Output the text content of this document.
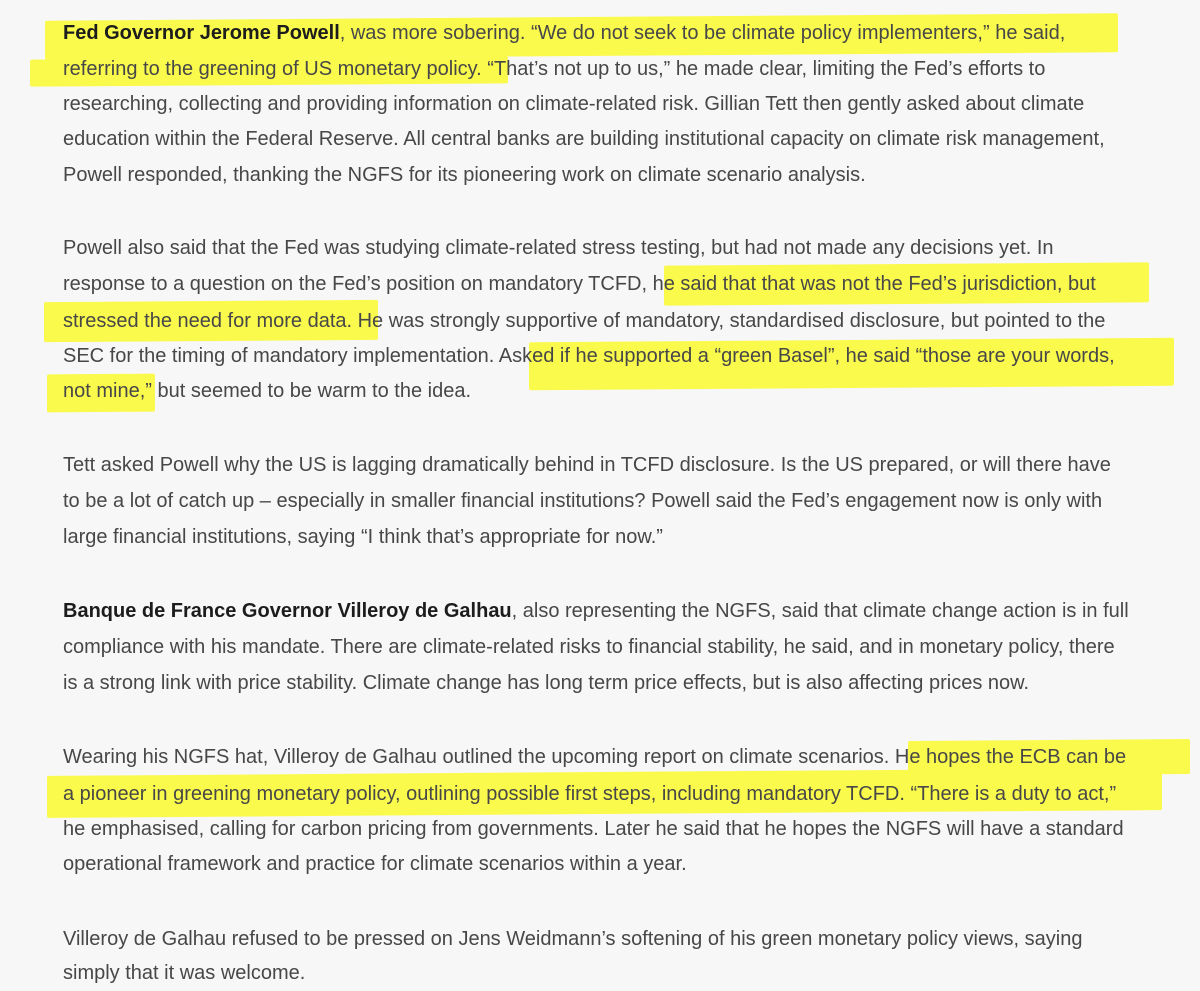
Fed Governor Jerome Powell, was more sobering. “We do not seek to be climate policy implementers,” he said,
referring to the greening of US monetary policy. “That’s not up to us,” he made clear, limiting the Fed’s efforts to
researching, collecting and providing information on climate-related risk. Gillian Tett then gently asked about climate
education within the Federal Reserve. All central banks are building institutional capacity on climate risk management,
Powell responded, thanking the NGFS for its pioneering work on climate scenario analysis.
Powell also said that the Fed was studying climate-related stress testing, but had not made any decisions yet. In
response to a question on the Fed’s position on mandatory TCFD, he said that that was not the Fed’s jurisdiction, but
stressed the need for more data. He was strongly supportive of mandatory, standardised disclosure, but pointed to the
SEC for the timing of mandatory implementation. Asked if he supported a “green Basel”, he said “those are your words,
not mine,” but seemed to be warm to the idea.
Tett asked Powell why the US is lagging dramatically behind in TCFD disclosure. Is the US prepared, or will there have
to be a lot of catch up – especially in smaller financial institutions? Powell said the Fed’s engagement now is only with
large financial institutions, saying “I think that’s appropriate for now.”
Banque de France Governor Villeroy de Galhau, also representing the NGFS, said that climate change action is in full
compliance with his mandate. There are climate-related risks to financial stability, he said, and in monetary policy, there
is a strong link with price stability. Climate change has long term price effects, but is also affecting prices now.
Wearing his NGFS hat, Villeroy de Galhau outlined the upcoming report on climate scenarios. He hopes the ECB can be
a pioneer in greening monetary policy, outlining possible first steps, including mandatory TCFD. “There is a duty to act,”
he emphasised, calling for carbon pricing from governments. Later he said that he hopes the NGFS will have a standard
operational framework and practice for climate scenarios within a year.
Villeroy de Galhau refused to be pressed on Jens Weidmann’s softening of his green monetary policy views, saying
simply that it was welcome.
